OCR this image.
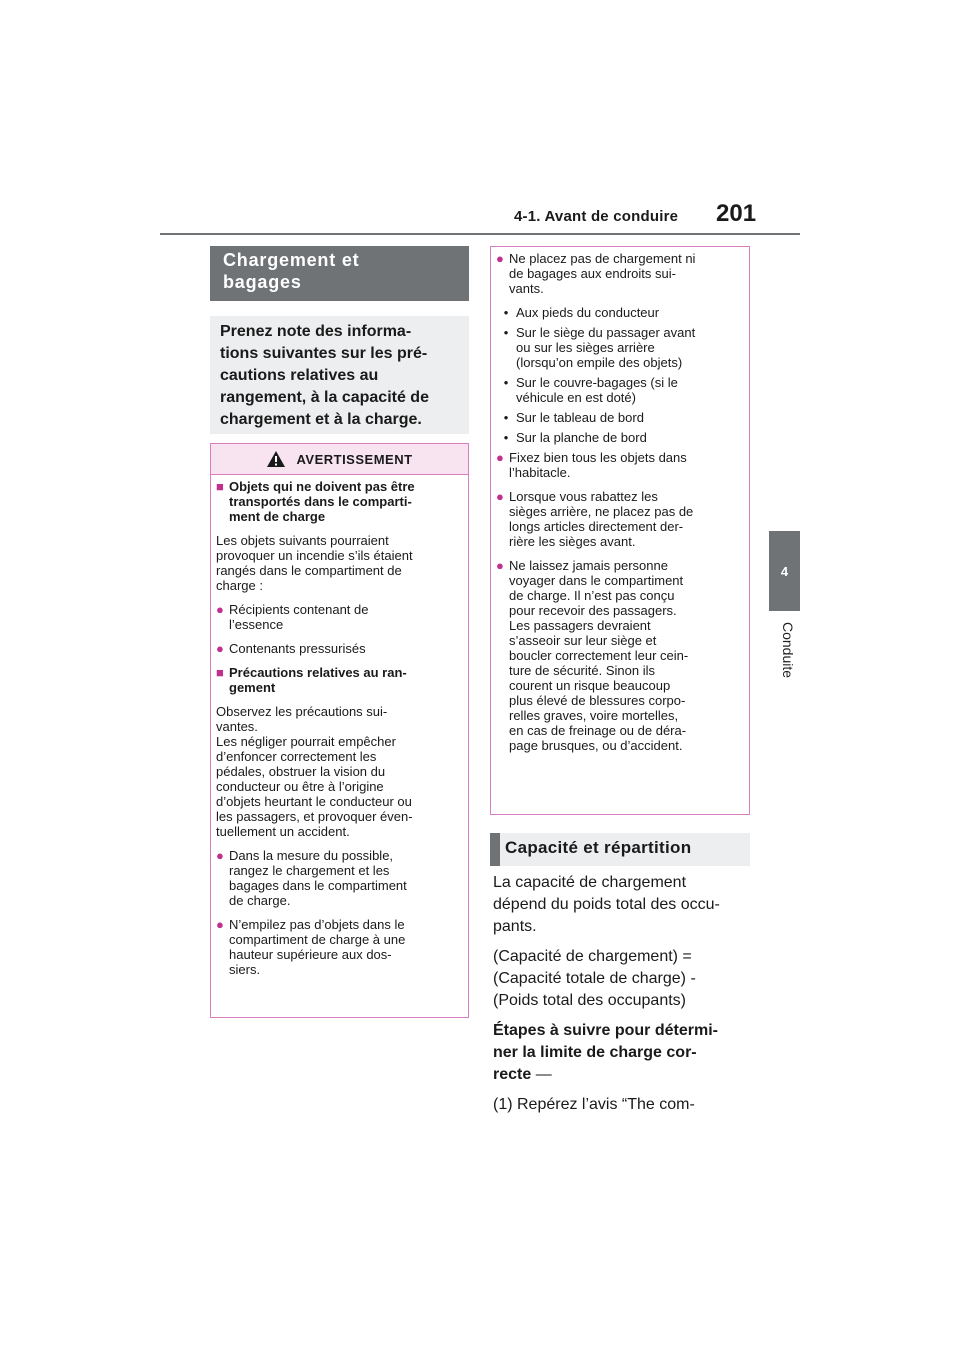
4-1. Avant de conduire 201
4
Conduite
Chargement et
bagages
Prenez note des informa-
tions suivantes sur les pré-
cautions relatives au
rangement, à la capacité de
chargement et à la charge.
AVERTISSEMENT
■ Objets qui ne doivent pas être
transportés dans le comparti-
ment de charge
Les objets suivants pourraient
provoquer un incendie s’ils étaient
rangés dans le compartiment de
charge :
● Récipients contenant de
l’essence
● Contenants pressurisés
■ Précautions relatives au ran-
gement
Observez les précautions sui-
vantes.
Les négliger pourrait empêcher
d’enfoncer correctement les
pédales, obstruer la vision du
conducteur ou être à l’origine
d’objets heurtant le conducteur ou
les passagers, et provoquer éven-
tuellement un accident.
● Dans la mesure du possible,
rangez le chargement et les
bagages dans le compartiment
de charge.
● N’empilez pas d’objets dans le
compartiment de charge à une
hauteur supérieure aux dos-
siers.
● Ne placez pas de chargement ni
de bagages aux endroits sui-
vants.
• Aux pieds du conducteur
• Sur le siège du passager avant
ou sur les sièges arrière
(lorsqu’on empile des objets)
• Sur le couvre-bagages (si le
véhicule en est doté)
• Sur le tableau de bord
• Sur la planche de bord
● Fixez bien tous les objets dans
l’habitacle.
● Lorsque vous rabattez les
sièges arrière, ne placez pas de
longs articles directement der-
rière les sièges avant.
● Ne laissez jamais personne
voyager dans le compartiment
de charge. Il n’est pas conçu
pour recevoir des passagers.
Les passagers devraient
s’asseoir sur leur siège et
boucler correctement leur cein-
ture de sécurité. Sinon ils
courent un risque beaucoup
plus élevé de blessures corpo-
relles graves, voire mortelles,
en cas de freinage ou de déra-
page brusques, ou d’accident.
Capacité et répartition

La capacité de chargement
dépend du poids total des occu-
pants.

(Capacité de chargement) =
(Capacité totale de charge) -
(Poids total des occupants)

Étapes à suivre pour détermi-
ner la limite de charge cor-
recte —

(1) Repérez l’avis “The com-
